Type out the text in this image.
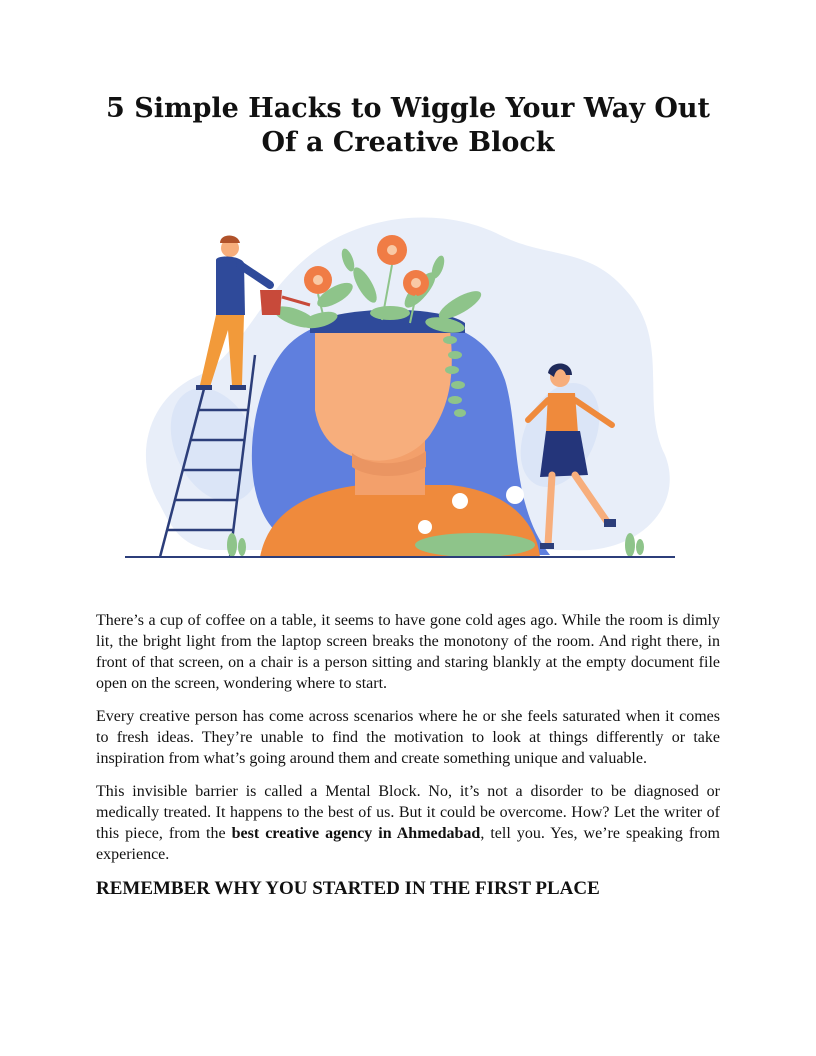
5 Simple Hacks to Wiggle Your Way Out Of a Creative Block

There’s a cup of coffee on a table, it seems to have gone cold ages ago. While the room is dimly lit, the bright light from the laptop screen breaks the monotony of the room. And right there, in front of that screen, on a chair is a person sitting and staring blankly at the empty document file open on the screen, wondering where to start.

Every creative person has come across scenarios where he or she feels saturated when it comes to fresh ideas. They’re unable to find the motivation to look at things differently or take inspiration from what’s going around them and create something unique and valuable.

This invisible barrier is called a Mental Block. No, it’s not a disorder to be diagnosed or medically treated. It happens to the best of us. But it could be overcome. How? Let the writer of this piece, from the best creative agency in Ahmedabad, tell you. Yes, we’re speaking from experience.

REMEMBER WHY YOU STARTED IN THE FIRST PLACE
